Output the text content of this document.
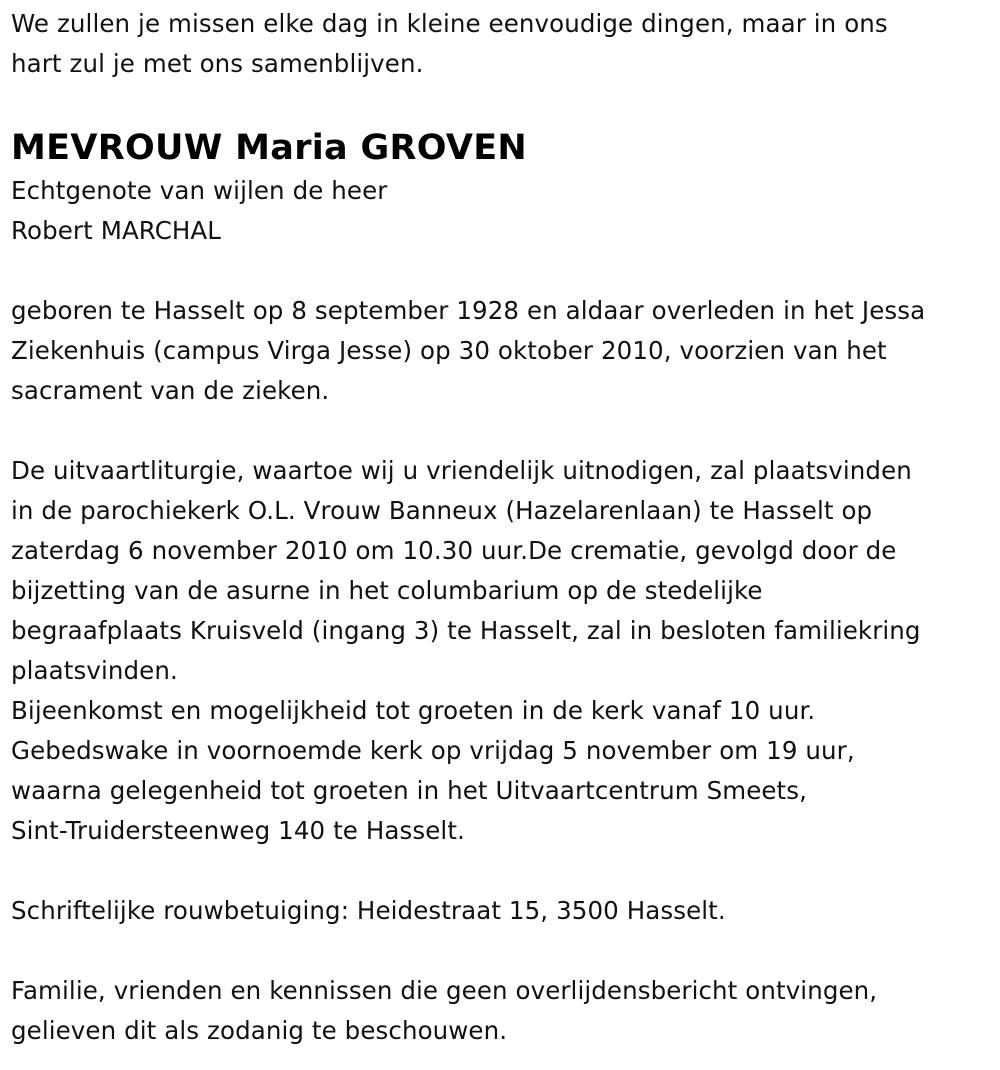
We zullen je missen elke dag in kleine eenvoudige dingen, maar in ons
hart zul je met ons samenblijven.

MEVROUW Maria GROVEN

Echtgenote van wijlen de heer
Robert MARCHAL

geboren te Hasselt op 8 september 1928 en aldaar overleden in het Jessa
Ziekenhuis (campus Virga Jesse) op 30 oktober 2010, voorzien van het
sacrament van de zieken.

De uitvaartliturgie, waartoe wij u vriendelijk uitnodigen, zal plaatsvinden
in de parochiekerk O.L. Vrouw Banneux (Hazelarenlaan) te Hasselt op
zaterdag 6 november 2010 om 10.30 uur.De crematie, gevolgd door de
bijzetting van de asurne in het columbarium op de stedelijke
begraafplaats Kruisveld (ingang 3) te Hasselt, zal in besloten familiekring
plaatsvinden.
Bijeenkomst en mogelijkheid tot groeten in de kerk vanaf 10 uur.
Gebedswake in voornoemde kerk op vrijdag 5 november om 19 uur,
waarna gelegenheid tot groeten in het Uitvaartcentrum Smeets,
Sint-Truidersteenweg 140 te Hasselt.

Schriftelijke rouwbetuiging: Heidestraat 15, 3500 Hasselt.

Familie, vrienden en kennissen die geen overlijdensbericht ontvingen,
gelieven dit als zodanig te beschouwen.
